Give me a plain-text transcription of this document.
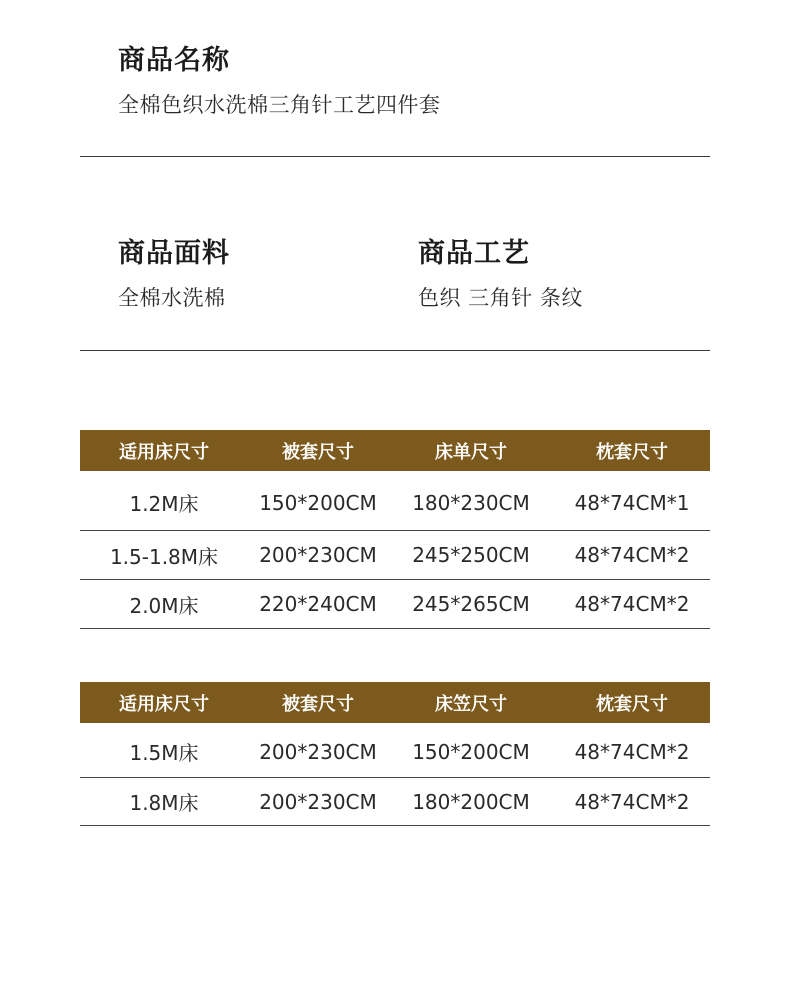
商品名称
全棉色织水洗棉三角针工艺四件套
商品面料
全棉水洗棉
商品工艺
色织 三角针 条纹
适用床尺寸	被套尺寸	床单尺寸	枕套尺寸
1.2M床	150*200CM	180*230CM	48*74CM*1
1.5-1.8M床	200*230CM	245*250CM	48*74CM*2
2.0M床	220*240CM	245*265CM	48*74CM*2
适用床尺寸	被套尺寸	床笠尺寸	枕套尺寸
1.5M床	200*230CM	150*200CM	48*74CM*2
1.8M床	200*230CM	180*200CM	48*74CM*2
